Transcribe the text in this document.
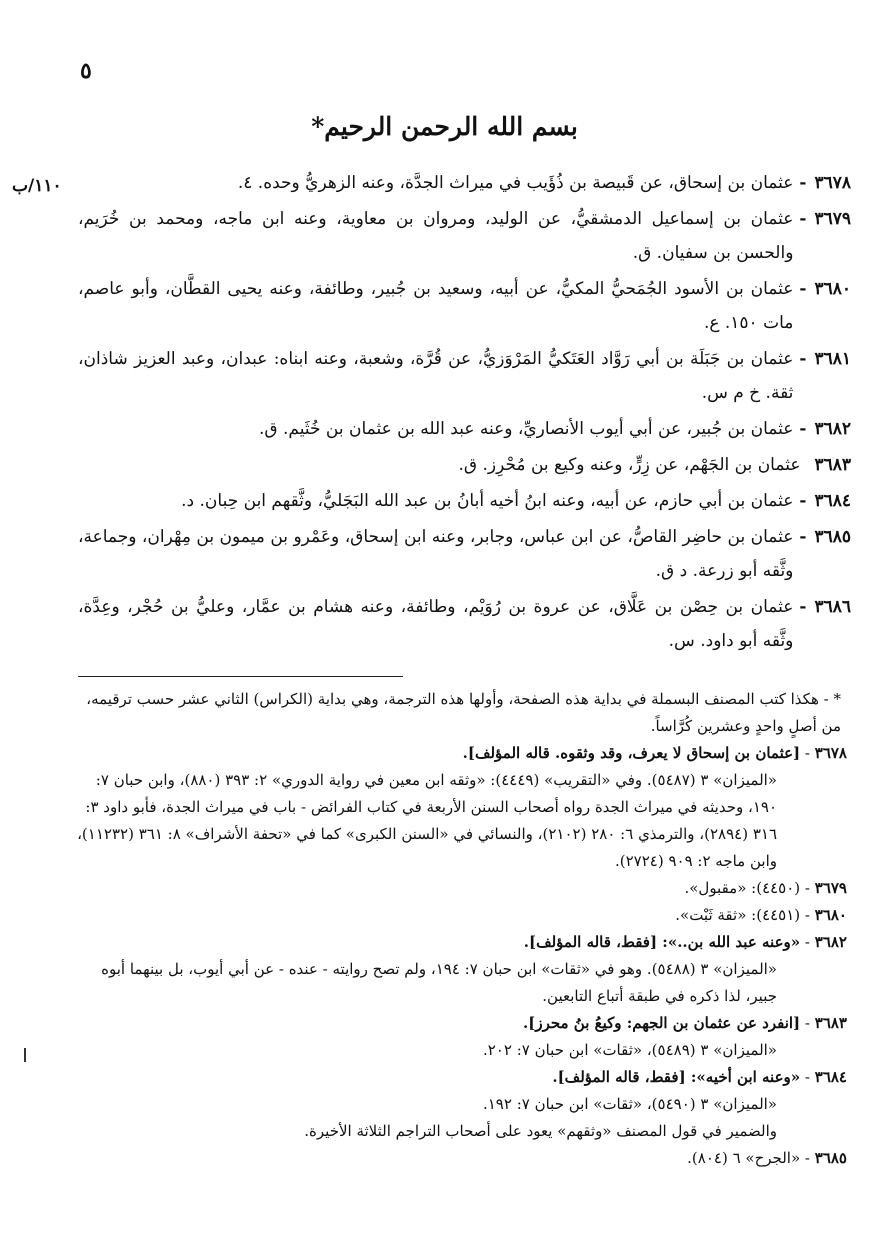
٥
١١٠/ب
بسم الله الرحمن الرحيم*
٣٦٧٨
-
عثمان بن إسحاق، عن قَبيصة بن ذُؤَيب في ميراث الجدَّة، وعنه الزهريُّ وحده. ٤.
٣٦٧٩
-
عثمان بن إسماعيل الدمشقيُّ، عن الوليد، ومروان بن معاوية، وعنه ابن ماجه، ومحمد بن خُرَيم، والحسن بن سفيان. ق.
٣٦٨٠
-
عثمان بن الأسود الجُمَحيُّ المكيُّ، عن أبيه، وسعيد بن جُبير، وطائفة، وعنه يحيى القطَّان، وأبو عاصم، مات ١٥٠. ع.
٣٦٨١
-
عثمان بن جَبَلَة بن أبي رَوَّاد العَتَكيُّ المَرْوَزيُّ، عن قُرَّة، وشعبة، وعنه ابناه: عبدان، وعبد العزيز شاذان، ثقة. خ م س.
٣٦٨٢
-
عثمان بن جُبير، عن أبي أيوب الأنصاريِّ، وعنه عبد الله بن عثمان بن خُثَيم. ق.
٣٦٨٣
عثمان بن الجَهْم، عن زِرٍّ، وعنه وكيع بن مُحْرِز. ق.
٣٦٨٤
-
عثمان بن أبي حازم، عن أبيه، وعنه ابنُ أخيه أبانُ بن عبد الله البَجَليُّ، وثَّقهم ابن حِبان. د.
٣٦٨٥
-
عثمان بن حاضِر القاصُّ، عن ابن عباس، وجابر، وعنه ابن إسحاق، وعَمْرو بن ميمون بن مِهْران، وجماعة، وثَّقه أبو زرعة. د ق.
٣٦٨٦
-
عثمان بن حِصْن بن عَلَّاق، عن عروة بن رُوَيْم، وطائفة، وعنه هشام بن عمَّار، وعليُّ بن حُجْر، وعِدَّة، وثَّقه أبو داود. س.
* - هكذا كتب المصنف البسملة في بداية هذه الصفحة، وأولها هذه الترجمة، وهي بداية (الكراس) الثاني عشر حسب ترقيمه، من أصلٍ واحدٍ وعشرين كُرَّاساً.
٣٦٧٨ - [عثمان بن إسحاق لا يعرف، وقد وثقوه. قاله المؤلف].
«الميزان» ٣ (٥٤٨٧). وفي «التقريب» (٤٤٤٩): «وثقه ابن معين في رواية الدوري» ٢: ٣٩٣ (٨٨٠)، وابن حبان ٧: ١٩٠، وحديثه في ميراث الجدة رواه أصحاب السنن الأربعة في كتاب الفرائض - باب في ميراث الجدة، فأبو داود ٣: ٣١٦ (٢٨٩٤)، والترمذي ٦: ٢٨٠ (٢١٠٢)، والنسائي في «السنن الكبرى» كما في «تحفة الأشراف» ٨: ٣٦١ (١١٢٣٢)، وابن ماجه ٢: ٩٠٩ (٢٧٢٤).
٣٦٧٩ - (٤٤٥٠): «مقبول».
٣٦٨٠ - (٤٤٥١): «ثقة ثَبْت».
٣٦٨٢ - «وعنه عبد الله بن..»: [فقط، قاله المؤلف].
«الميزان» ٣ (٥٤٨٨). وهو في «ثقات» ابن حبان ٧: ١٩٤، ولم تصح روايته - عنده - عن أبي أيوب، بل بينهما أبوه جبير، لذا ذكره في طبقة أتباع التابعين.
٣٦٨٣ - [انفرد عن عثمان بن الجهم: وكيعُ بنُ محرز].
«الميزان» ٣ (٥٤٨٩)، «ثقات» ابن حبان ٧: ٢٠٢.
٣٦٨٤ - «وعنه ابن أخيه»: [فقط، قاله المؤلف].
«الميزان» ٣ (٥٤٩٠)، «ثقات» ابن حبان ٧: ١٩٢.
والضمير في قول المصنف «وثقهم» يعود على أصحاب التراجم الثلاثة الأخيرة.
٣٦٨٥ - «الجرح» ٦ (٨٠٤).
